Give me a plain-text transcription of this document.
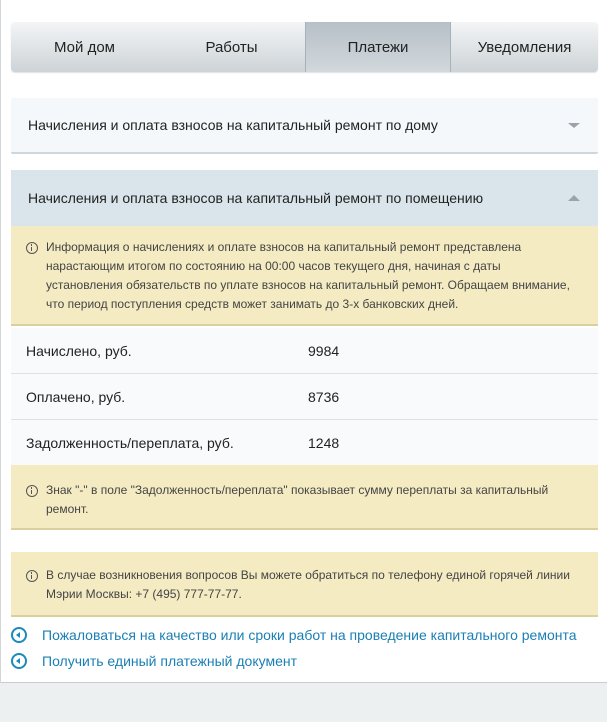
Мой дом	Работы	Платежи	Уведомления
Начисления и оплата взносов на капитальный ремонт по дому
Начисления и оплата взносов на капитальный ремонт по помещению
Информация о начислениях и оплате взносов на капитальный ремонт представлена нарастающим итогом по состоянию на 00:00 часов текущего дня, начиная с даты установления обязательств по уплате взносов на капитальный ремонт. Обращаем внимание, что период поступления средств может занимать до 3-х банковских дней.
Начислено, руб.	9984
Оплачено, руб.	8736
Задолженность/переплата, руб.	1248
Знак "-" в поле "Задолженность/переплата" показывает сумму переплаты за капитальный ремонт.
В случае возникновения вопросов Вы можете обратиться по телефону единой горячей линии Мэрии Москвы: +7 (495) 777-77-77.
Пожаловаться на качество или сроки работ на проведение капитального ремонта
Получить единый платежный документ
